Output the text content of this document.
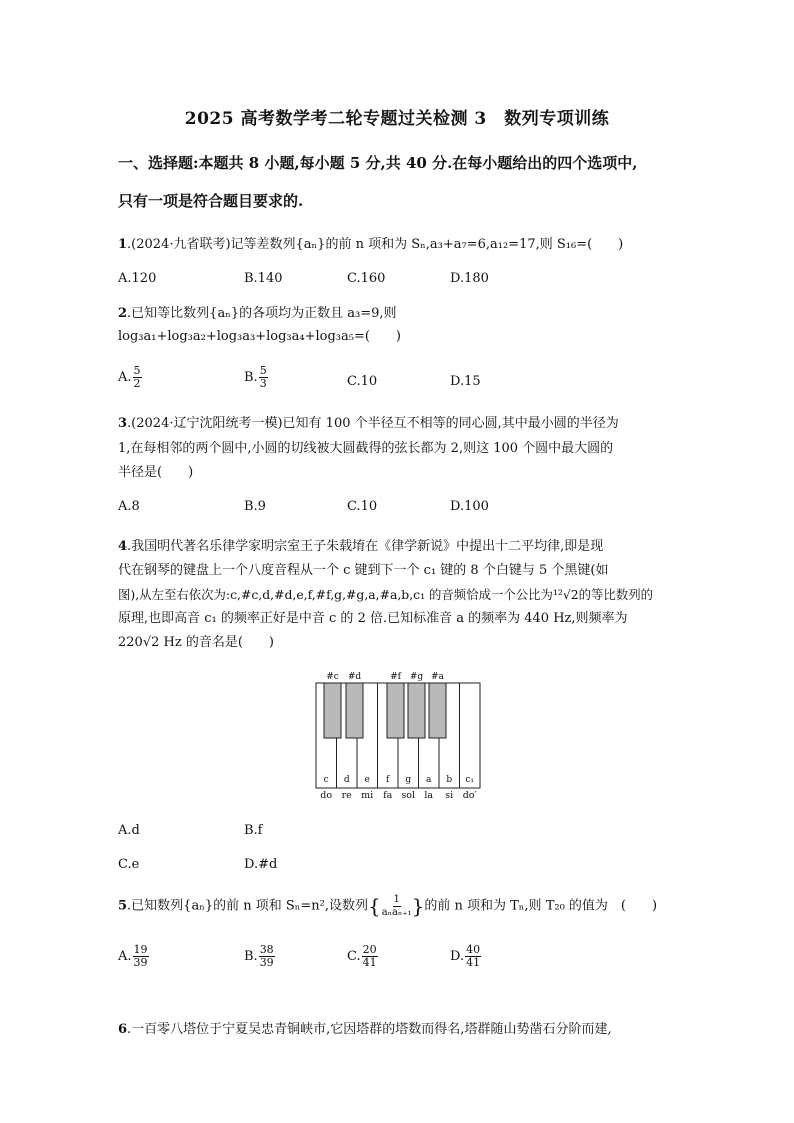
2025 高考数学考二轮专题过关检测 3　数列专项训练
一、选择题:本题共 8 小题,每小题 5 分,共 40 分.在每小题给出的四个选项中,
只有一项是符合题目要求的.
1.(2024·九省联考)记等差数列{aₙ}的前 n 项和为 Sₙ,a₃+a₇=6,a₁₂=17,则 S₁₆=(　　)
A.120	B.140	C.160	D.180
2.已知等比数列{aₙ}的各项均为正数且 a₃=9,则
log₃a₁+log₃a₂+log₃a₃+log₃a₄+log₃a₅=(　　)
A. $\frac{5}{2}$	B. $\frac{5}{3}$	C.10	D.15
3.(2024·辽宁沈阳统考一模)已知有 100 个半径互不相等的同心圆,其中最小圆的半径为
1,在每相邻的两个圆中,小圆的切线被大圆截得的弦长都为 2,则这 100 个圆中最大圆的
半径是(　　)
A.8	B.9	C.10	D.100
4.我国明代著名乐律学家明宗室王子朱载堉在《律学新说》中提出十二平均律,即是现
代在钢琴的键盘上一个八度音程从一个 c 键到下一个 c₁ 键的 8 个白键与 5 个黑键(如
图),从左至右依次为:c,#c,d,#d,e,f,#f,g,#g,a,#a,b,c₁ 的音频恰成一个公比为¹²√2的等比数列的
原理,也即高音 c₁ 的频率正好是中音 c 的 2 倍.已知标准音 a 的频率为 440 Hz,则频率为
220√2 Hz 的音名是(　　)
#c #d	#f #g #a
c d e f g a b c₁
do re mi fa sol la si do′
A.d	B.f
C.e	D.#d
5.已知数列{aₙ}的前 n 项和 Sₙ=n²,设数列{ $\frac{1}{\text{aₙaₙ₊₁}}$ }的前 n 项和为 Tₙ,则 T₂₀ 的值为　(　　)
A. $\frac{19}{39}$	B. $\frac{38}{39}$	C. $\frac{20}{41}$	D. $\frac{40}{41}$
6.一百零八塔位于宁夏吴忠青铜峡市,它因塔群的塔数而得名,塔群随山势凿石分阶而建,
